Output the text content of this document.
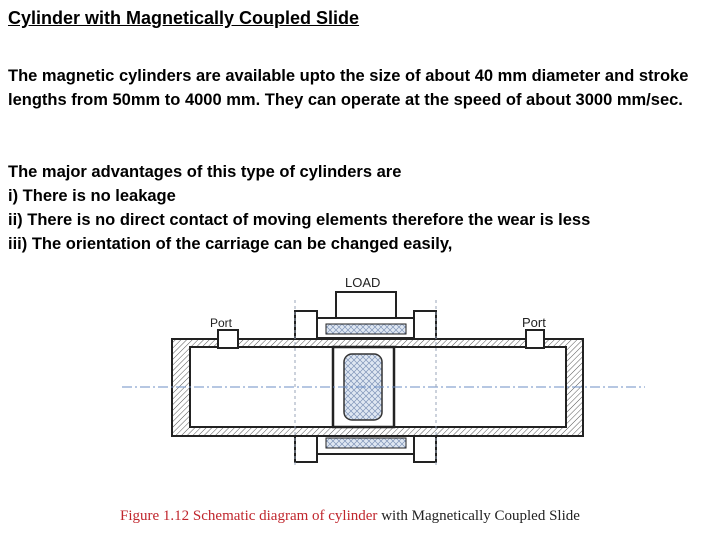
Cylinder with Magnetically Coupled Slide
The magnetic cylinders are available upto the size of about 40 mm diameter and stroke lengths from 50mm to 4000 mm. They can operate at the speed of about 3000 mm/sec.
The major advantages of this type of cylinders are
i) There is no leakage
ii) There is no direct contact of moving elements therefore the wear is less
iii) The orientation of the carriage can be changed easily,
LOAD
Port	Port
Figure 1.12 Schematic diagram of cylinder with Magnetically Coupled Slide
